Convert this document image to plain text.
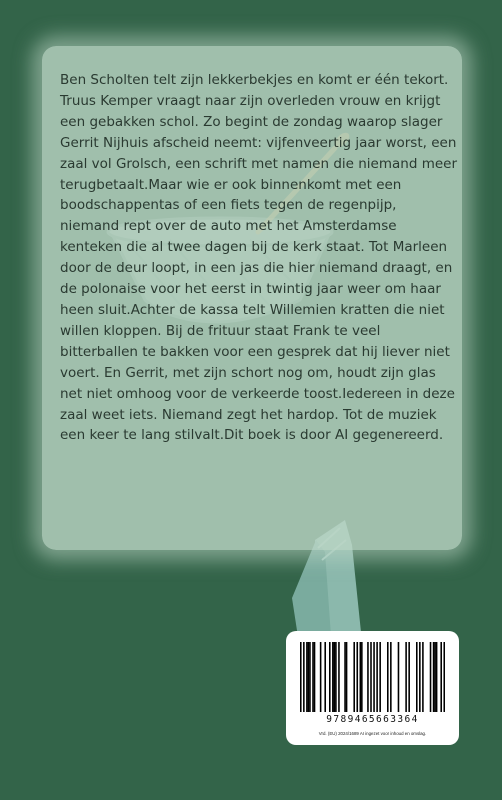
Ben Scholten telt zijn lekkerbekjes en komt er één tekort. Truus Kemper vraagt naar zijn overleden vrouw en krijgt een gebakken schol. Zo begint de zondag waarop slager Gerrit Nijhuis afscheid neemt: vijfenveertig jaar worst, een zaal vol Grolsch, een schrift met namen die niemand meer terugbetaalt.Maar wie er ook binnenkomt met een boodschappentas of een fiets tegen de regenpijp, niemand rept over de auto met het Amsterdamse kenteken die al twee dagen bij de kerk staat. Tot Marleen door de deur loopt, in een jas die hier niemand draagt, en de polonaise voor het eerst in twintig jaar weer om haar heen sluit.Achter de kassa telt Willemien kratten die niet willen kloppen. Bij de frituur staat Frank te veel bitterballen te bakken voor een gesprek dat hij liever niet voert. En Gerrit, met zijn schort nog om, houdt zijn glas net niet omhoog voor de verkeerde toost.Iedereen in deze zaal weet iets. Niemand zegt het hardop. Tot de muziek een keer te lang stilvalt.Dit boek is door AI gegenereerd.

9789465663364
Vrd. (EU) 2024/1689 AI ingezet voor inhoud en omslag.
